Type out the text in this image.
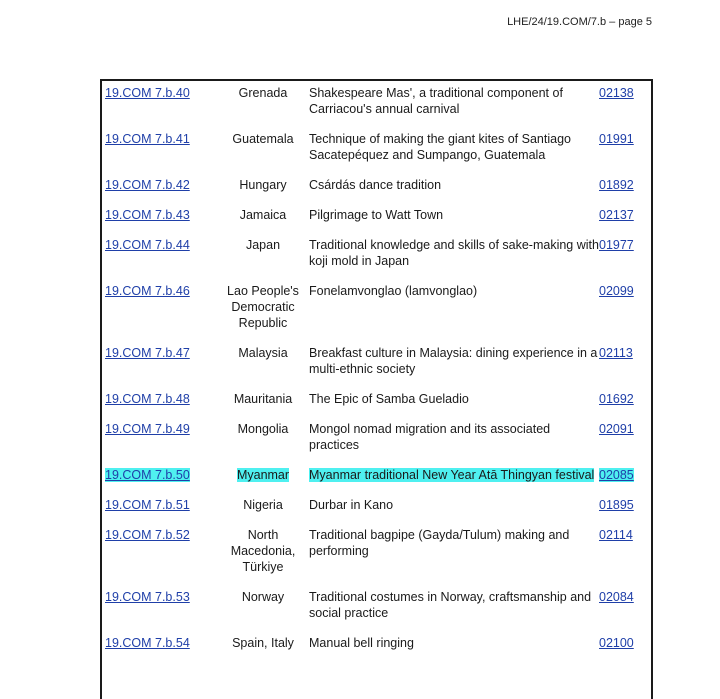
LHE/24/19.COM/7.b – page 5
19.COM 7.b.40	Grenada	Shakespeare Mas', a traditional component of Carriacou's annual carnival	02138
19.COM 7.b.41	Guatemala	Technique of making the giant kites of Santiago Sacatepéquez and Sumpango, Guatemala	01991
19.COM 7.b.42	Hungary	Csárdás dance tradition	01892
19.COM 7.b.43	Jamaica	Pilgrimage to Watt Town	02137
19.COM 7.b.44	Japan	Traditional knowledge and skills of sake-making with koji mold in Japan	01977
19.COM 7.b.46	Lao People's Democratic Republic	Fonelamvonglao (lamvonglao)	02099
19.COM 7.b.47	Malaysia	Breakfast culture in Malaysia: dining experience in a multi-ethnic society	02113
19.COM 7.b.48	Mauritania	The Epic of Samba Gueladio	01692
19.COM 7.b.49	Mongolia	Mongol nomad migration and its associated practices	02091
19.COM 7.b.50	Myanmar	Myanmar traditional New Year Atā Thingyan festival	02085
19.COM 7.b.51	Nigeria	Durbar in Kano	01895
19.COM 7.b.52	North Macedonia, Türkiye	Traditional bagpipe (Gayda/Tulum) making and performing	02114
19.COM 7.b.53	Norway	Traditional costumes in Norway, craftsmanship and social practice	02084
19.COM 7.b.54	Spain, Italy	Manual bell ringing	02100
